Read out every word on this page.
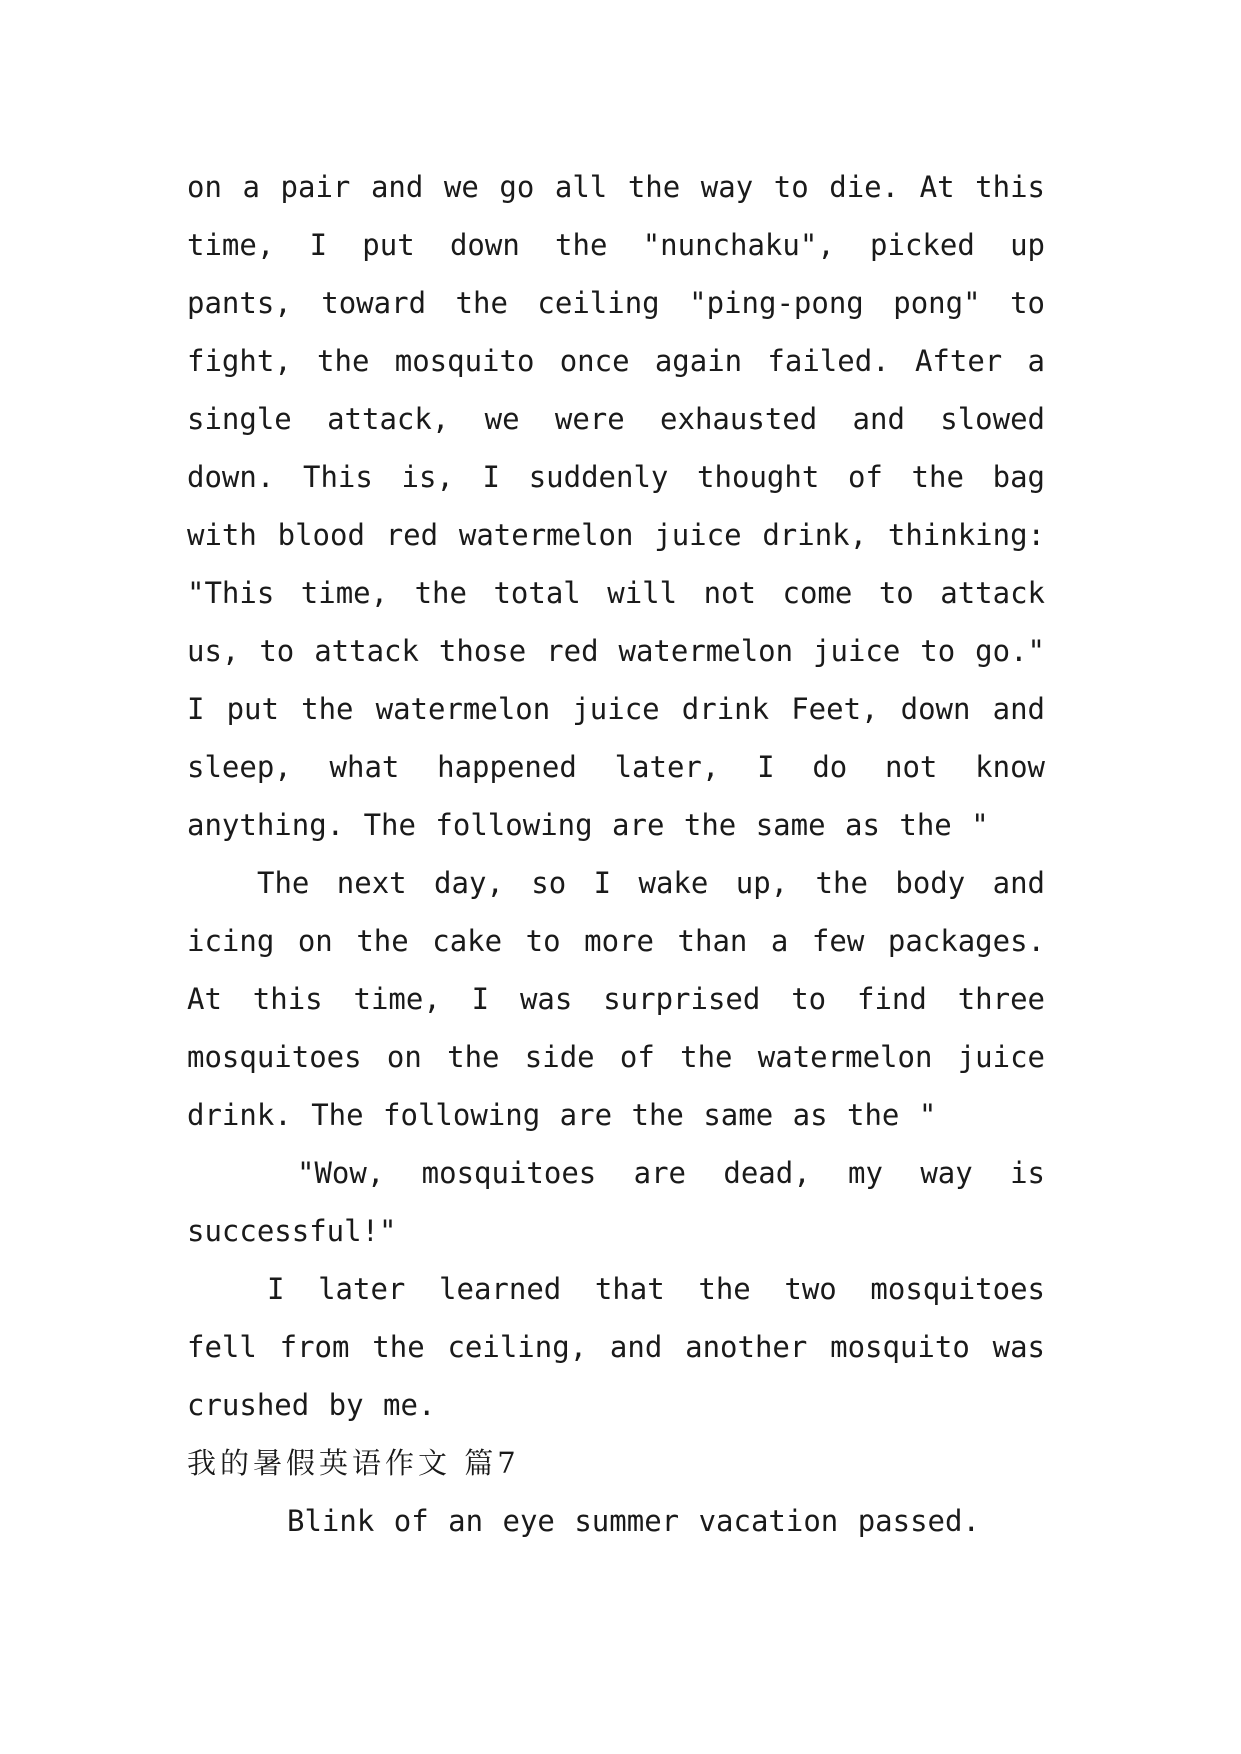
on a pair and we go all the way to die. At this time, I put down the "nunchaku", picked up pants, toward the ceiling "ping-pong pong" to fight, the mosquito once again failed. After a single attack, we were exhausted and slowed down. This is, I suddenly thought of the bag with blood red watermelon juice drink, thinking: "This time, the total will not come to attack us, to attack those red watermelon juice to go." I put the watermelon juice drink Feet, down and sleep, what happened later, I do not know anything. The following are the same as the "

The next day, so I wake up, the body and icing on the cake to more than a few packages. At this time, I was surprised to find three mosquitoes on the side of the watermelon juice drink. The following are the same as the "

"Wow, mosquitoes are dead, my way is successful!"

I later learned that the two mosquitoes fell from the ceiling, and another mosquito was crushed by me.

我的暑假英语作文 篇7

Blink of an eye summer vacation passed.
